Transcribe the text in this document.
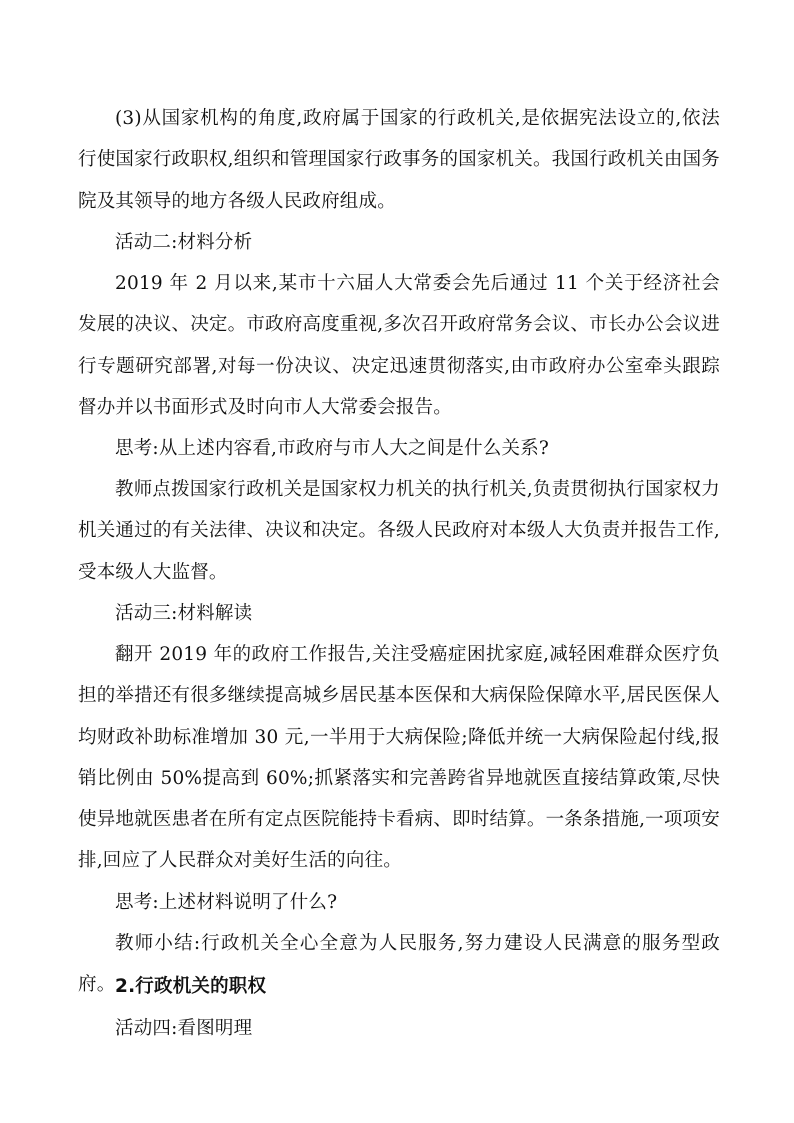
(3)从国家机构的角度,政府属于国家的行政机关,是依据宪法设立的,依法行使国家行政职权,组织和管理国家行政事务的国家机关。我国行政机关由国务院及其领导的地方各级人民政府组成。

活动二:材料分析

2019 年 2 月以来,某市十六届人大常委会先后通过 11 个关于经济社会发展的决议、决定。市政府高度重视,多次召开政府常务会议、市长办公会议进行专题研究部署,对每一份决议、决定迅速贯彻落实,由市政府办公室牵头跟踪督办并以书面形式及时向市人大常委会报告。

思考:从上述内容看,市政府与市人大之间是什么关系?

教师点拨国家行政机关是国家权力机关的执行机关,负责贯彻执行国家权力机关通过的有关法律、决议和决定。各级人民政府对本级人大负责并报告工作,受本级人大监督。

活动三:材料解读

翻开 2019 年的政府工作报告,关注受癌症困扰家庭,减轻困难群众医疗负担的举措还有很多继续提高城乡居民基本医保和大病保险保障水平,居民医保人均财政补助标准增加 30 元,一半用于大病保险;降低并统一大病保险起付线,报销比例由 50%提高到 60%;抓紧落实和完善跨省异地就医直接结算政策,尽快使异地就医患者在所有定点医院能持卡看病、即时结算。一条条措施,一项项安排,回应了人民群众对美好生活的向往。

思考:上述材料说明了什么?

教师小结:行政机关全心全意为人民服务,努力建设人民满意的服务型政府。 2.行政机关的职权

活动四:看图明理
